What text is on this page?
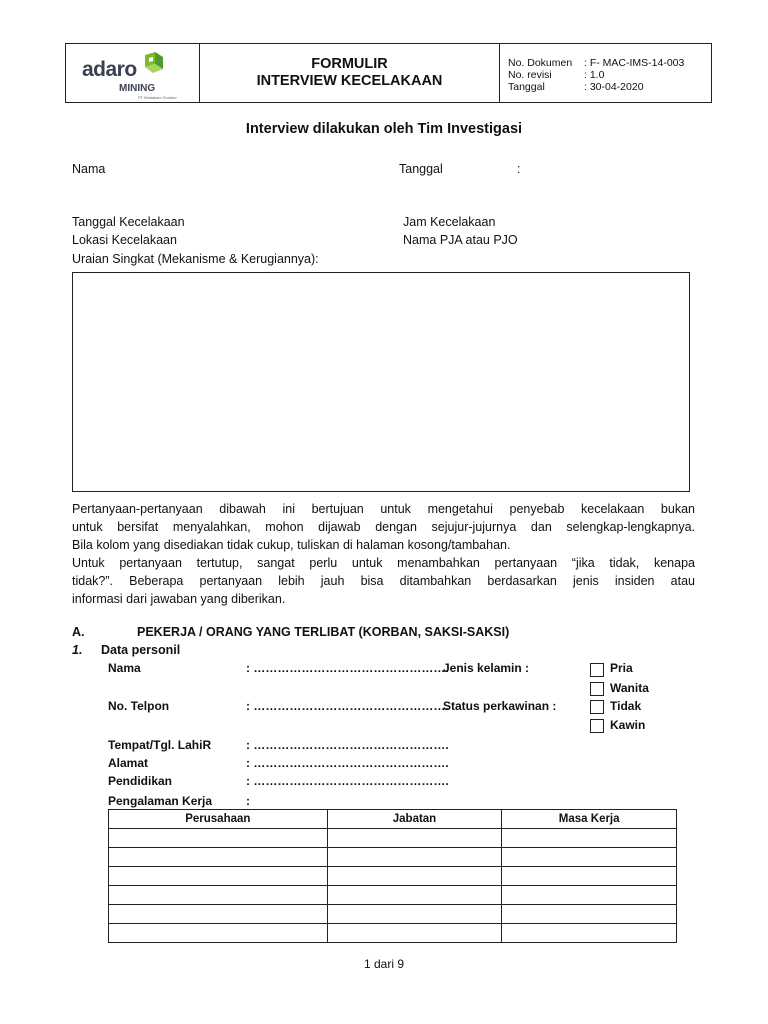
adaro
MINING
PT Mahakam Sumber
FORMULIR
INTERVIEW KECELAKAAN
No. Dokumen : F- MAC-IMS-14-003
No. revisi	: 1.0
Tanggal	: 30-04-2020
Interview dilakukan oleh Tim Investigasi
Nama	Tanggal	:
Tanggal Kecelakaan	Jam Kecelakaan
Lokasi Kecelakaan	Nama PJA atau PJO
Uraian Singkat (Mekanisme & Kerugiannya):
Pertanyaan-pertanyaan dibawah ini bertujuan untuk mengetahui penyebab kecelakaan bukan
untuk bersifat menyalahkan, mohon dijawab dengan sejujur-jujurnya dan selengkap-lengkapnya.
Bila kolom yang disediakan tidak cukup, tuliskan di halaman kosong/tambahan.
Untuk pertanyaan tertutup, sangat perlu untuk menambahkan pertanyaan “jika tidak, kenapa
tidak?”. Beberapa pertanyaan lebih jauh bisa ditambahkan berdasarkan jenis insiden atau
informasi dari jawaban yang diberikan.
A.	PEKERJA / ORANG YANG TERLIBAT (KORBAN, SAKSI-SAKSI)
1. Data personil
Nama	: ………………………………………….
Jenis kelamin :	Pria
Wanita
No. Telpon	: ………………………………………….
Status perkawinan :	Tidak
Kawin
Tempat/Tgl. LahiR	: ………………………………………….
Alamat	: ………………………………………….
Pendidikan	: ………………………………………….
Pengalaman Kerja	:
Perusahaan	Jabatan	Masa Kerja

1 dari 9
